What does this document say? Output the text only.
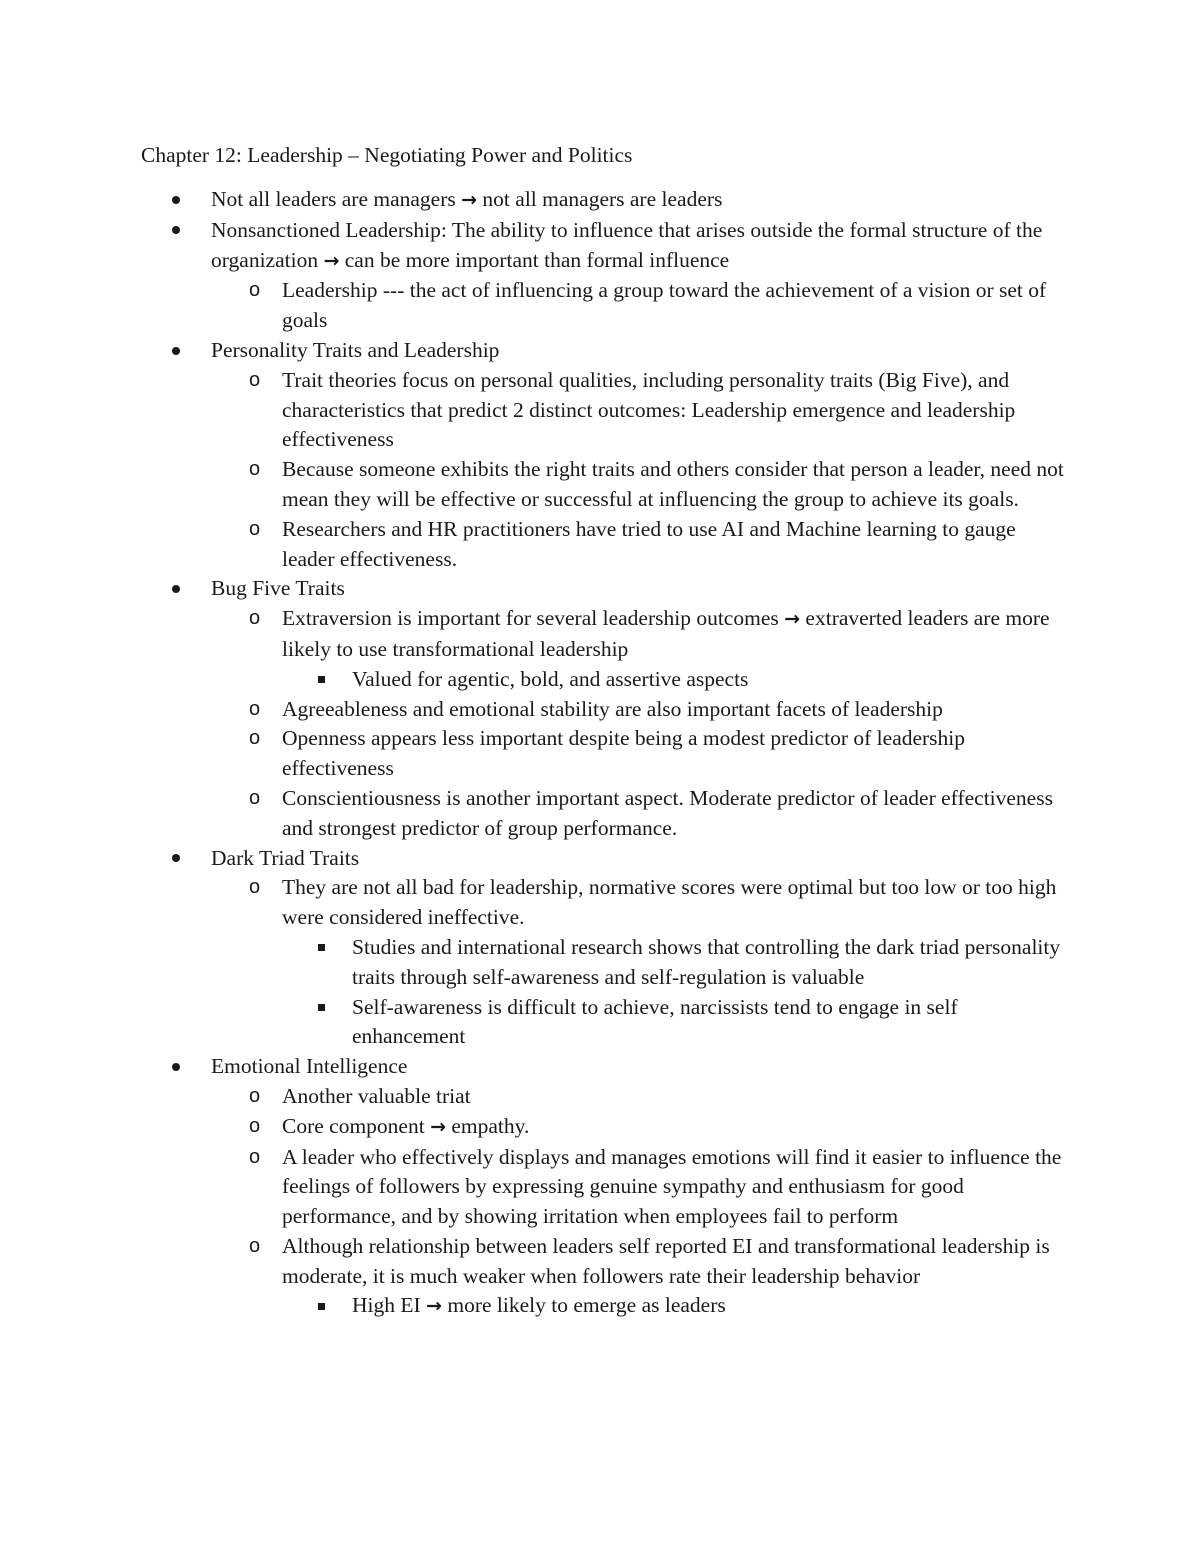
Chapter 12: Leadership – Negotiating Power and Politics
Not all leaders are managers → not all managers are leaders
Nonsanctioned Leadership: The ability to influence that arises outside the formal structure of the organization → can be more important than formal influence
o Leadership --- the act of influencing a group toward the achievement of a vision or set of goals
Personality Traits and Leadership
o Trait theories focus on personal qualities, including personality traits (Big Five), and characteristics that predict 2 distinct outcomes: Leadership emergence and leadership effectiveness
o Because someone exhibits the right traits and others consider that person a leader, need not mean they will be effective or successful at influencing the group to achieve its goals.
o Researchers and HR practitioners have tried to use AI and Machine learning to gauge leader effectiveness.
Bug Five Traits
o Extraversion is important for several leadership outcomes → extraverted leaders are more likely to use transformational leadership
Valued for agentic, bold, and assertive aspects
o Agreeableness and emotional stability are also important facets of leadership
o Openness appears less important despite being a modest predictor of leadership effectiveness
o Conscientiousness is another important aspect. Moderate predictor of leader effectiveness and strongest predictor of group performance.
Dark Triad Traits
o They are not all bad for leadership, normative scores were optimal but too low or too high were considered ineffective.
Studies and international research shows that controlling the dark triad personality traits through self-awareness and self-regulation is valuable
Self-awareness is difficult to achieve, narcissists tend to engage in self enhancement
Emotional Intelligence
o Another valuable triat
o Core component → empathy.
o A leader who effectively displays and manages emotions will find it easier to influence the feelings of followers by expressing genuine sympathy and enthusiasm for good performance, and by showing irritation when employees fail to perform
o Although relationship between leaders self reported EI and transformational leadership is moderate, it is much weaker when followers rate their leadership behavior
High EI → more likely to emerge as leaders
